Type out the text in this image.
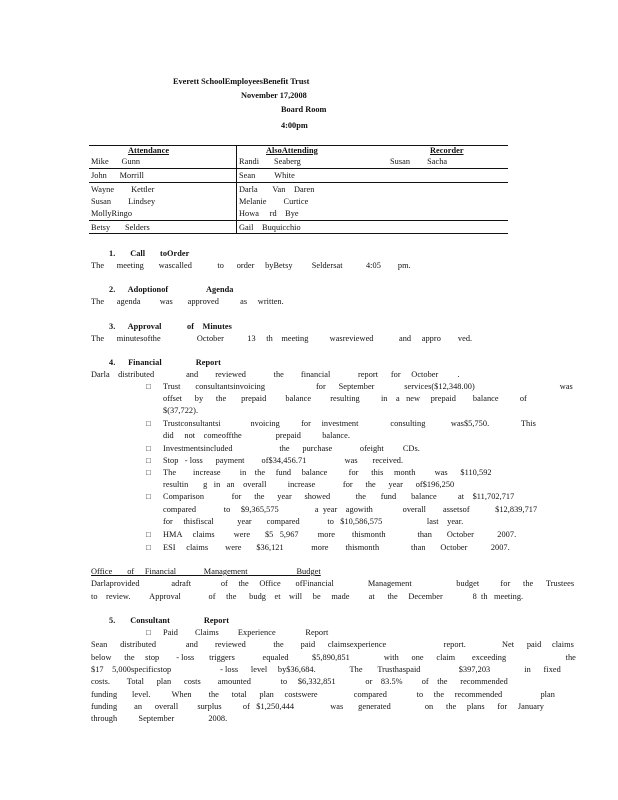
Everett SchoolEmployeesBenefit Trust
November 17,2008
Board Room
4:00pm
Attendance	AlsoAttending	Recorder
Mike      Gunn	Randi       Seaberg	Susan        Sacha
John      Morrill	Sean         White
Wayne        Kettler	Darla       Van    Daren
Susan        Lindsey	Melanie        Curtice
MollyRingo	Howa     rd    Bye
Betsy       Selders	Gail    Buquicchio
1.       Call       toOrder
The      meeting       wascalled            to      order     byBetsy         Seldersat           4:05        pm.
2.      Adoptionof                  Agenda
The      agenda         was       approved          as     written.
3.      Approval            of    Minutes
The      minutesofthe                 October           13     th    meeting          wasreviewed            and     appro        ved.
4.      Financial                Report
Darla    distributed               and        reviewed             the        financial             report      for     October         .
□ Trust       consultantsinvoicing                        for      September              services($12,348.00)                                        was
offset      by      the       prepaid         balance         resulting          in    a   new     prepaid        balance          of
$(37,722).
□ Trustconsultantsi              nvoicing          for     investment               consulting            was$5,750.               This
did     not    comeoffthe                prepaid          balance.
□ Investmentsincluded                      the      purchase             ofeight         CDs.
□ Stop   - loss      payment        of$34,456.71                  was       received.
□ The        increase         in    the     fund     balance          for      this     month         was      $110,592
resultin       g   in   an    overall          increase             for      the      year      of$196,250
□ Comparison             for      the      year      showed            the       fund       balance          at    $11,702,717
compared             to     $9,365,575                 a  year    agowith              overall        assetsof            $12,839,717
for     thisfiscal           year       compared             to   $10,586,575                     last    year.
□ HMA     claims         were       $5   5,967         more        thismonth               than       October           2007.
□ ESI     claims        were       $36,121             more        thismonth               than       October           2007.
Office       of     Financial             Management                       Budget
Darlaprovided               adraft              of     the     Office       ofFinancial                Management                     budget          for      the      Trustees
to    review.         Approval             of     the      budg    et    will     be     made         at      the     December              8  th   meeting.
5.       Consultant                Report
□ Paid        Claims         Experience              Report
Sean      distributed              and        reviewed             the        paid      claimsexperience                           report.                 Net      paid     claims
below      the     stop        - loss       triggers             equaled           $5,890,851                with      one      claim        exceeding                            the
$17    5,000specificstop                       - loss      level     by$36,684.                The       Trusthaspaid                  $397,203                in      fixed
costs.        Total      plan      costs        amounted              to     $6,332,851              or    83.5%         of    the      recommended
funding       level.          When        the      total      plan     costswere                 compared              to     the     recommended                  plan
funding        an      overall         surplus          of   $1,250,444                 was       generated                on      the     plans      for     January
through          September                2008.
